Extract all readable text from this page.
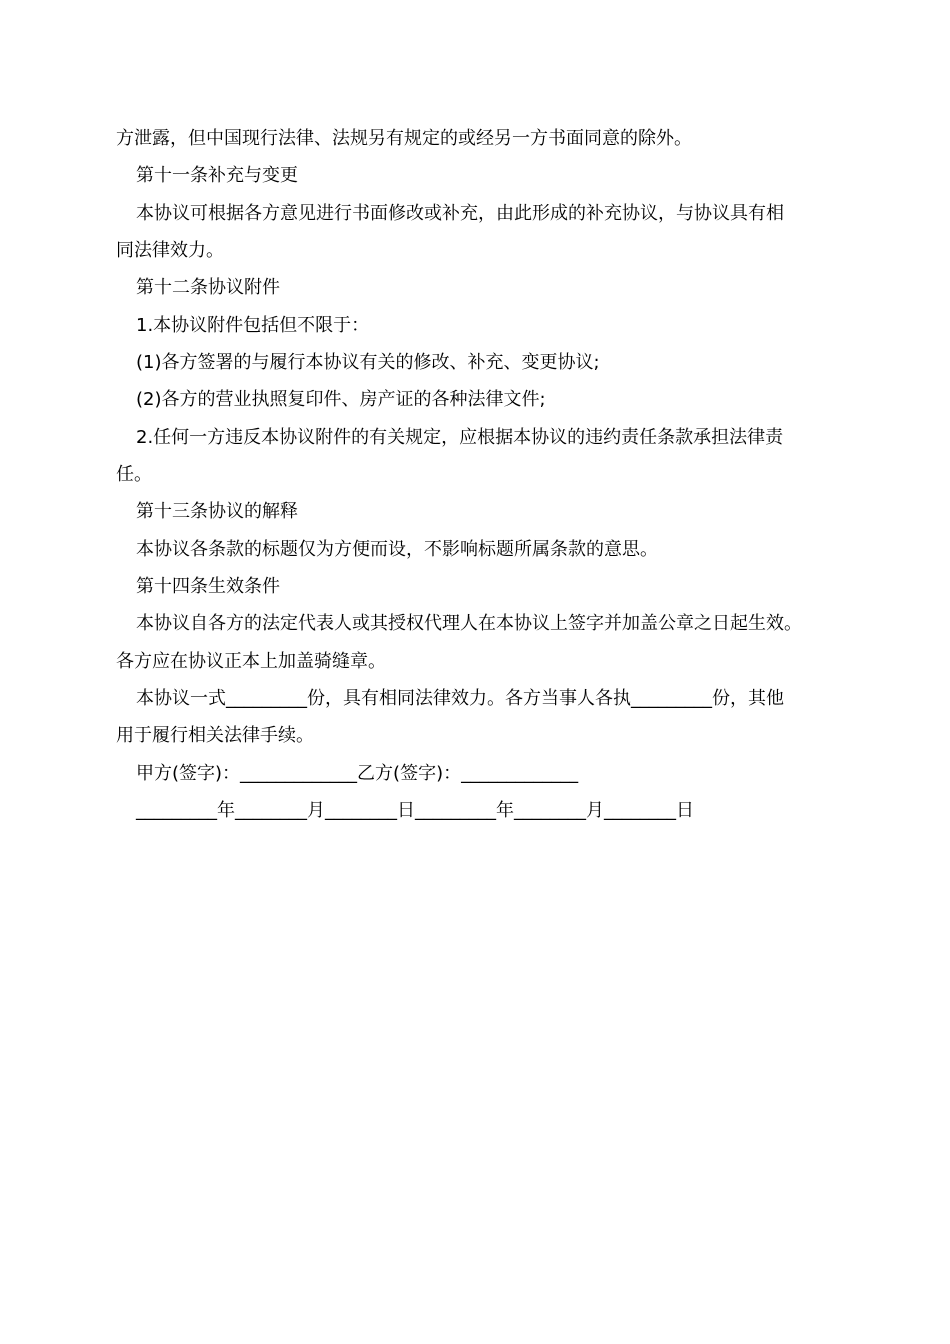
方泄露，但中国现行法律、法规另有规定的或经另一方书面同意的除外。
第十一条补充与变更
本协议可根据各方意见进行书面修改或补充，由此形成的补充协议，与协议具有相
同法律效力。
第十二条协议附件
1.本协议附件包括但不限于：
(1)各方签署的与履行本协议有关的修改、补充、变更协议;
(2)各方的营业执照复印件、房产证的各种法律文件;
2.任何一方违反本协议附件的有关规定，应根据本协议的违约责任条款承担法律责
任。
第十三条协议的解释
本协议各条款的标题仅为方便而设，不影响标题所属条款的意思。
第十四条生效条件
本协议自各方的法定代表人或其授权代理人在本协议上签字并加盖公章之日起生效。
各方应在协议正本上加盖骑缝章。
本协议一式_________份，具有相同法律效力。各方当事人各执_________份，其他
用于履行相关法律手续。
甲方(签字)：_____________乙方(签字)：_____________
_________年________月________日_________年________月________日
